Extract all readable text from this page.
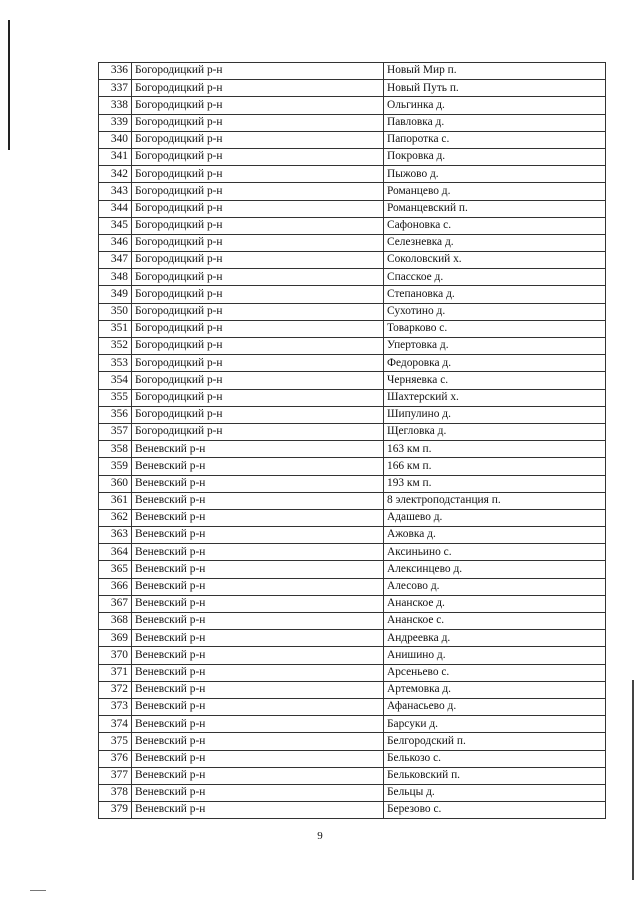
336	Богородицкий р-н	Новый Мир п.
337	Богородицкий р-н	Новый Путь п.
338	Богородицкий р-н	Ольгинка д.
339	Богородицкий р-н	Павловка д.
340	Богородицкий р-н	Папоротка с.
341	Богородицкий р-н	Покровка д.
342	Богородицкий р-н	Пыжово д.
343	Богородицкий р-н	Романцево д.
344	Богородицкий р-н	Романцевский п.
345	Богородицкий р-н	Сафоновка с.
346	Богородицкий р-н	Селезневка д.
347	Богородицкий р-н	Соколовский х.
348	Богородицкий р-н	Спасское д.
349	Богородицкий р-н	Степановка д.
350	Богородицкий р-н	Сухотино д.
351	Богородицкий р-н	Товарково с.
352	Богородицкий р-н	Упертовка д.
353	Богородицкий р-н	Федоровка д.
354	Богородицкий р-н	Черняевка с.
355	Богородицкий р-н	Шахтерский х.
356	Богородицкий р-н	Шипулино д.
357	Богородицкий р-н	Щегловка д.
358	Веневский р-н	163 км п.
359	Веневский р-н	166 км п.
360	Веневский р-н	193 км п.
361	Веневский р-н	8 электроподстанция п.
362	Веневский р-н	Адашево д.
363	Веневский р-н	Ажовка д.
364	Веневский р-н	Аксиньино с.
365	Веневский р-н	Алексинцево д.
366	Веневский р-н	Алесово д.
367	Веневский р-н	Ананское д.
368	Веневский р-н	Ананское с.
369	Веневский р-н	Андреевка д.
370	Веневский р-н	Анишино д.
371	Веневский р-н	Арсеньево с.
372	Веневский р-н	Артемовка д.
373	Веневский р-н	Афанасьево д.
374	Веневский р-н	Барсуки д.
375	Веневский р-н	Белгородский п.
376	Веневский р-н	Белькозо с.
377	Веневский р-н	Бельковский п.
378	Веневский р-н	Бельцы д.
379	Веневский р-н	Березово с.
9
